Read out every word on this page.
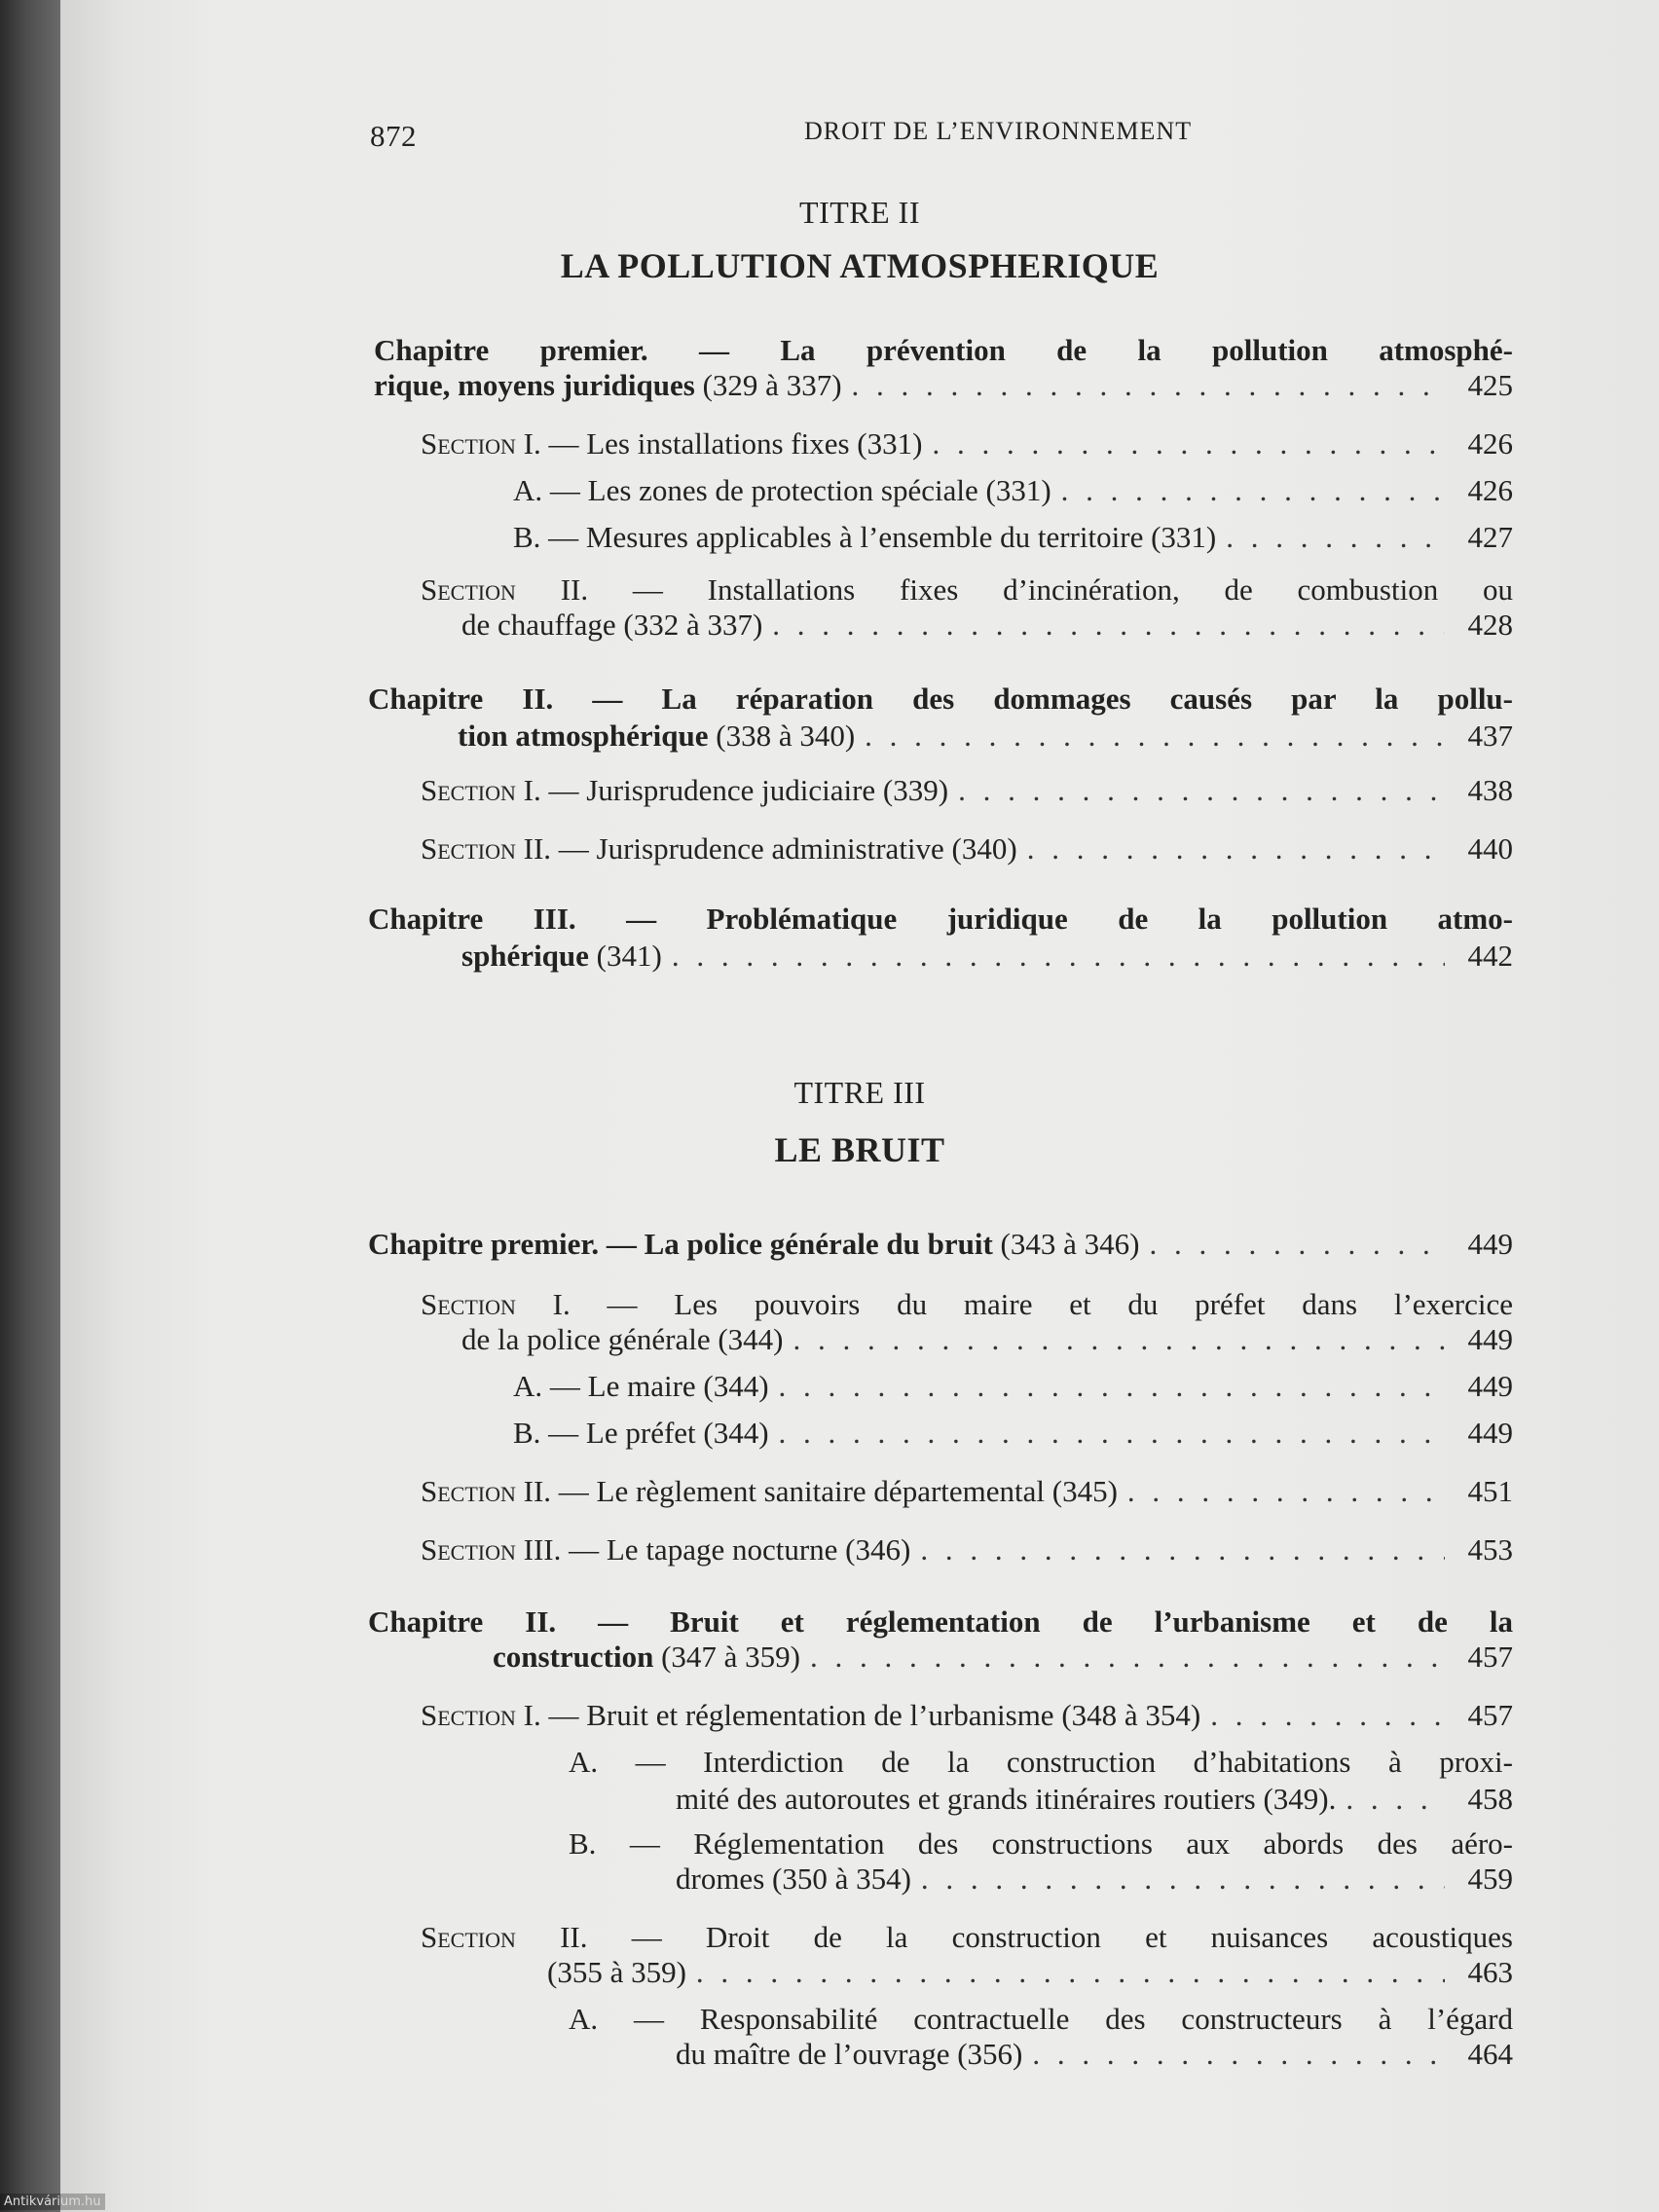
872	DROIT DE L’ENVIRONNEMENT
TITRE II
LA POLLUTION ATMOSPHERIQUE
Chapitre premier. — La prévention de la pollution atmosphé-
rique, moyens juridiques
(329 à 337) . . .	425
Section I.
— Les installations fixes (331) . . .	426
A. — Les zones de protection spéciale (331) . . .	426
B. — Mesures applicables à l’ensemble du territoire (331) . . .	427
Section II. — Installations fixes d’incinération, de combustion ou
de chauffage (332 à 337) . . .	428
Chapitre II. — La réparation des dommages causés par la pollu-
tion atmosphérique
(338 à 340) . . .	437
Section I.
— Jurisprudence judiciaire (339) . . .	438
Section II.
— Jurisprudence administrative (340) . . .	440
Chapitre III. — Problématique juridique de la pollution atmo-
sphérique
(341) . . .	442
TITRE III
LE BRUIT
Chapitre premier. — La police générale du bruit
(343 à 346) . . .	449
Section I. — Les pouvoirs du maire et du préfet dans l’exercice
de la police générale (344) . . .	449
A. — Le maire (344) . . .	449
B. — Le préfet (344) . . .	449
Section II.
— Le règlement sanitaire départemental (345) . . .	451
Section III.
— Le tapage nocturne (346) . . .	453
Chapitre II. — Bruit et réglementation de l’urbanisme et de la
construction
(347 à 359) . . .	457
Section I.
— Bruit et réglementation de l’urbanisme (348 à 354) . . .	457
A. — Interdiction de la construction d’habitations à proxi-
mité des autoroutes et grands itinéraires routiers (349). . . .	458
B. — Réglementation des constructions aux abords des aéro-
dromes (350 à 354) . . .	459
Section II. — Droit de la construction et nuisances acoustiques
(355 à 359) . . .	463
A. — Responsabilité contractuelle des constructeurs à l’égard
du maître de l’ouvrage (356) . . .	464
Antikvárium.hu
